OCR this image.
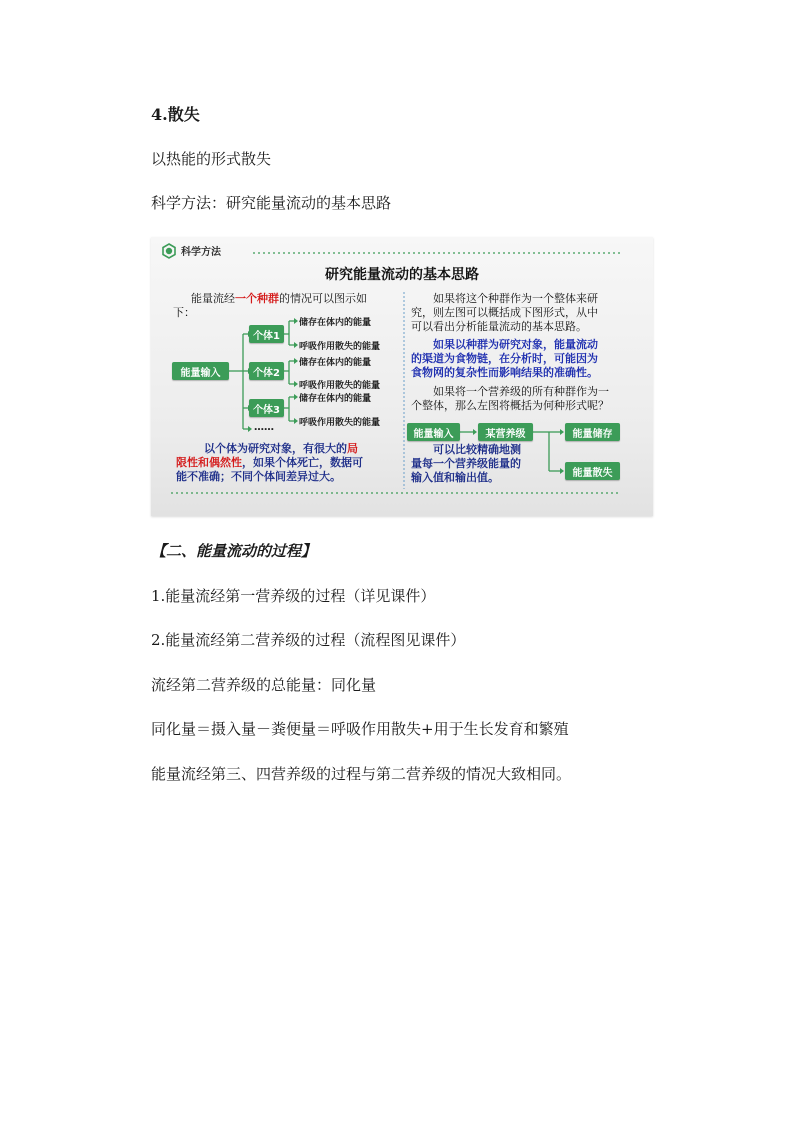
4.散失
以热能的形式散失
科学方法：研究能量流动的基本思路
科学方法
研究能量流动的基本思路
能量流经一个种群的情况可以图示如
下：
能量输入
个体1
个体2
个体3
储存在体内的能量
呼吸作用散失的能量
储存在体内的能量
呼吸作用散失的能量
储存在体内的能量
呼吸作用散失的能量
……
以个体为研究对象，有很大的局
限性和偶然性，如果个体死亡，数据可
能不准确；不同个体间差异过大。
如果将这个种群作为一个整体来研
究，则左图可以概括成下图形式，从中
可以看出分析能量流动的基本思路。
如果以种群为研究对象，能量流动
的渠道为食物链，在分析时，可能因为
食物网的复杂性而影响结果的准确性。
如果将一个营养级的所有种群作为一
个整体，那么左图将概括为何种形式呢？
能量输入	某营养级	能量储存
能量散失
可以比较精确地测
量每一个营养级能量的
输入值和输出值。
【二、能量流动的过程】
1.能量流经第一营养级的过程（详见课件）
2.能量流经第二营养级的过程（流程图见课件）
流经第二营养级的总能量：同化量
同化量＝摄入量－粪便量＝呼吸作用散失+用于生长发育和繁殖
能量流经第三、四营养级的过程与第二营养级的情况大致相同。
